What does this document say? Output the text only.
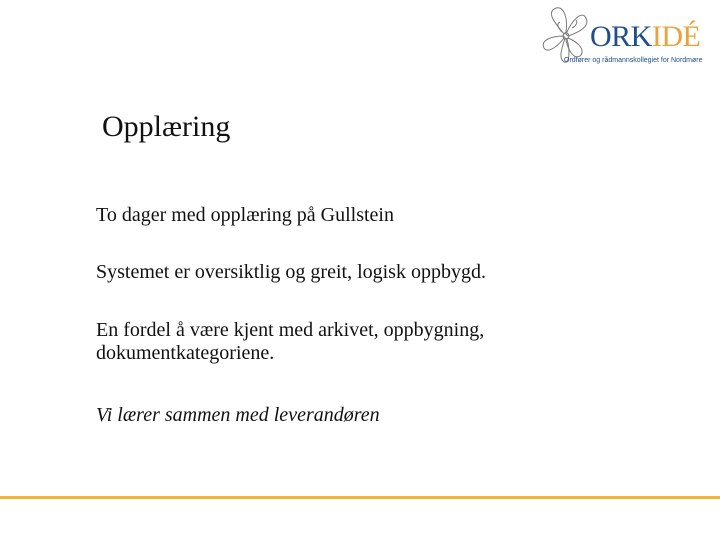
ORKIDÉ
Ordfører og rådmannskollegiet for Nordmøre
Opplæring

To dager med opplæring på Gullstein

Systemet er oversiktlig og greit, logisk oppbygd.

En fordel å være kjent med arkivet, oppbygning,
dokumentkategoriene.

Vi lærer sammen med leverandøren
